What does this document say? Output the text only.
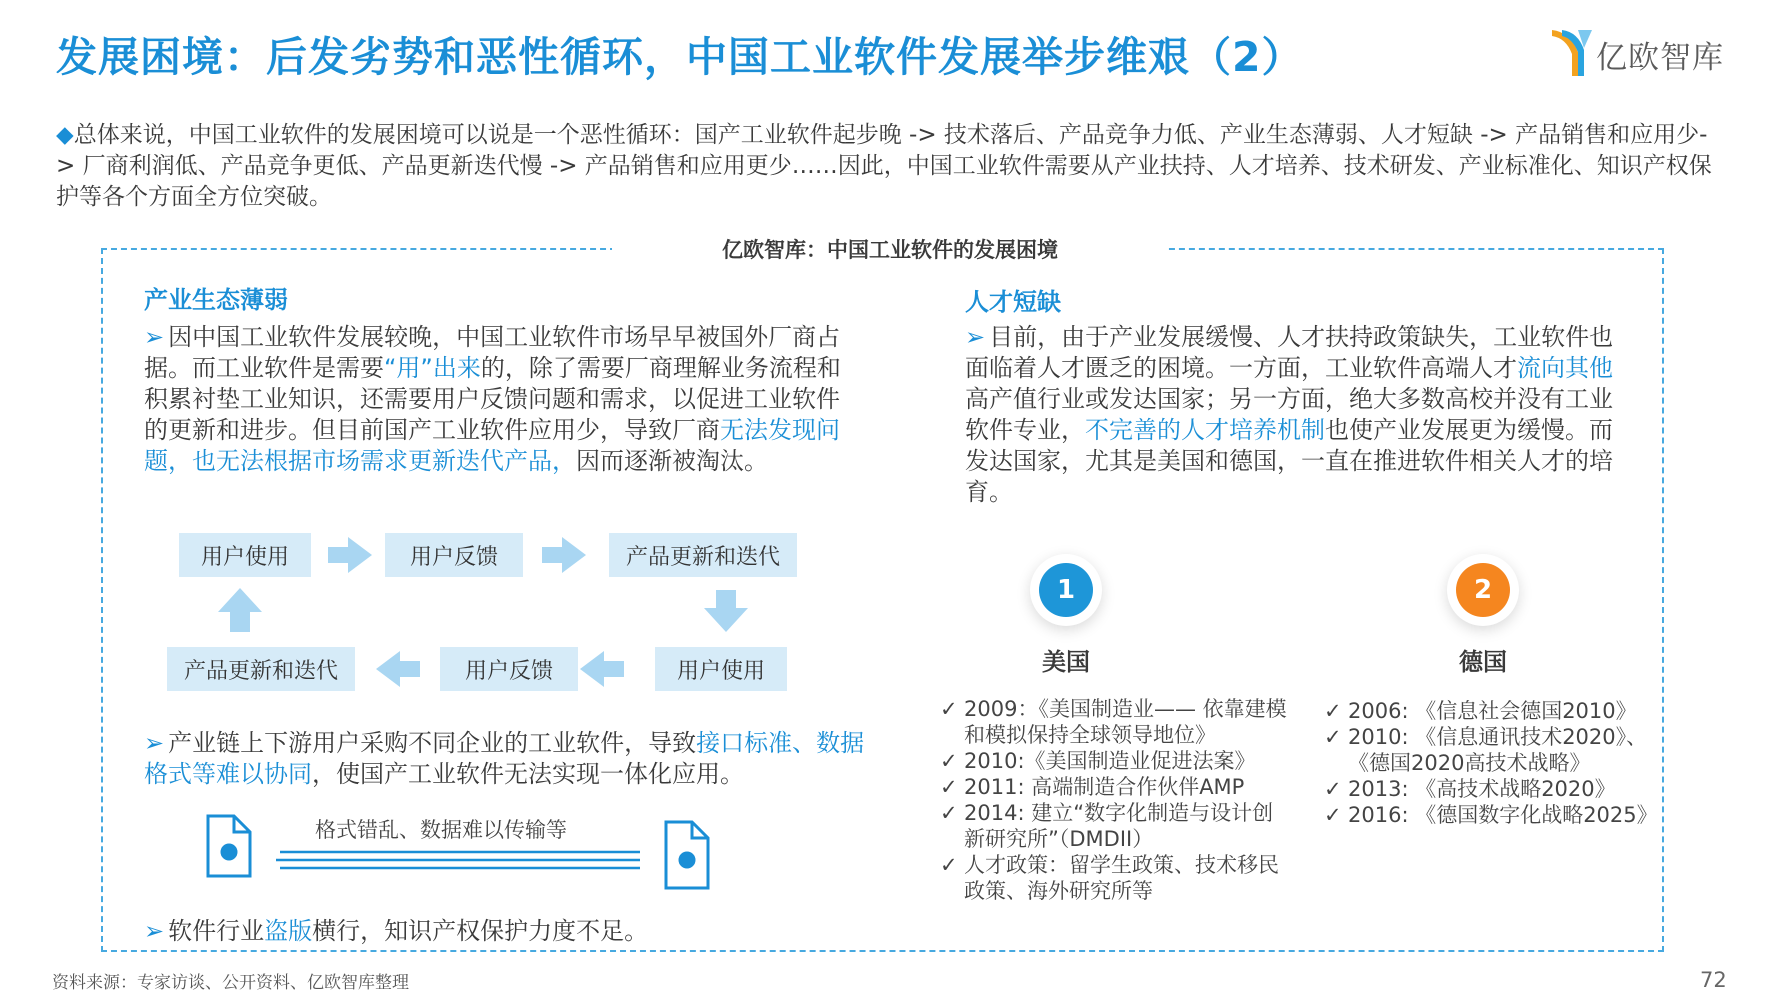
发展困境：后发劣势和恶性循环，中国工业软件发展举步维艰（2）	亿欧智库
◆总体来说，中国工业软件的发展困境可以说是一个恶性循环：国产工业软件起步晚 -> 技术落后、产品竞争力低、产业生态薄弱、人才短缺 -> 产品销售和应用少-> 厂商利润低、产品竞争更低、产品更新迭代慢 -> 产品销售和应用更少……因此，中国工业软件需要从产业扶持、人才培养、技术研发、产业标准化、知识产权保护等各个方面全方位突破。
亿欧智库：中国工业软件的发展困境
产业生态薄弱
➢ 因中国工业软件发展较晚，中国工业软件市场早早被国外厂商占据。而工业软件是需要“用”出来的，除了需要厂商理解业务流程和积累衬垫工业知识，还需要用户反馈问题和需求，以促进工业软件的更新和进步。但目前国产工业软件应用少，导致厂商无法发现问题，也无法根据市场需求更新迭代产品，因而逐渐被淘汰。
用户使用	用户反馈	产品更新和迭代
产品更新和迭代	用户反馈	用户使用
➢ 产业链上下游用户采购不同企业的工业软件，导致接口标准、数据格式等难以协同，使国产工业软件无法实现一体化应用。
格式错乱、数据难以传输等
➢ 软件行业盗版横行，知识产权保护力度不足。
人才短缺
➢ 目前，由于产业发展缓慢、人才扶持政策缺失，工业软件也面临着人才匮乏的困境。一方面，工业软件高端人才流向其他高产值行业或发达国家；另一方面，绝大多数高校并没有工业软件专业，不完善的人才培养机制也使产业发展更为缓慢。而发达国家，尤其是美国和德国，一直在推进软件相关人才的培育。
1	2
美国	德国
✓ 2009：《美国制造业—— 依靠建模和模拟保持全球领导地位》
✓ 2010:《美国制造业促进法案》
✓ 2011: 高端制造合作伙伴AMP
✓ 2014: 建立“数字化制造与设计创新研究所”（DMDII）
✓ 人才政策：留学生政策、技术移民政策、海外研究所等
✓ 2006: 《信息社会德国2010》
✓ 2010: 《信息通讯技术2020》、《德国2020高技术战略》
✓ 2013: 《高技术战略2020》
✓ 2016: 《德国数字化战略2025》
资料来源：专家访谈、公开资料、亿欧智库整理	72
